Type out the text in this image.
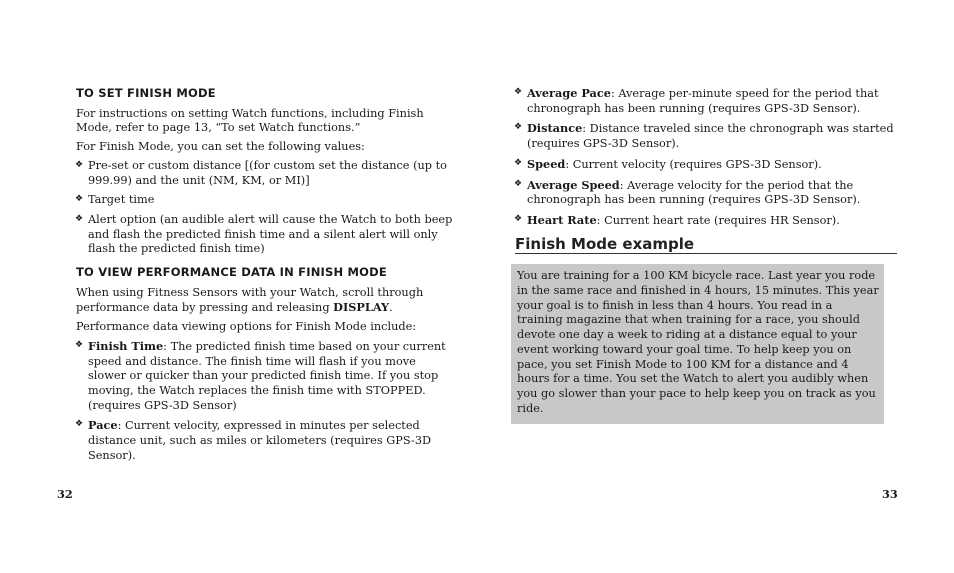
TO SET FINISH MODE

For instructions on setting Watch functions, including Finish Mode, refer to page 13, “To set Watch functions.”

For Finish Mode, you can set the following values:

❖ Pre-set or custom distance [(for custom set the distance (up to 999.99) and the unit (NM, KM, or MI)]
❖ Target time
❖ Alert option (an audible alert will cause the Watch to both beep and flash the predicted finish time and a silent alert will only flash the predicted finish time)
TO VIEW PERFORMANCE DATA IN FINISH MODE

When using Fitness Sensors with your Watch, scroll through performance data by pressing and releasing DISPLAY.

Performance data viewing options for Finish Mode include:

❖ Finish Time: The predicted finish time based on your current speed and distance. The finish time will flash if you move slower or quicker than your predicted finish time. If you stop moving, the Watch replaces the finish time with STOPPED. (requires GPS-3D Sensor)
❖ Pace: Current velocity, expressed in minutes per selected distance unit, such as miles or kilometers (requires GPS-3D Sensor).
❖ Average Pace: Average per-minute speed for the period that chronograph has been running (requires GPS-3D Sensor).
❖ Distance: Distance traveled since the chronograph was started (requires GPS-3D Sensor).
❖ Speed: Current velocity (requires GPS-3D Sensor).
❖ Average Speed: Average velocity for the period that the chronograph has been running (requires GPS-3D Sensor).
❖ Heart Rate: Current heart rate (requires HR Sensor).
Finish Mode example
You are training for a 100 KM bicycle race. Last year you rode in the same race and finished in 4 hours, 15 minutes. This year your goal is to finish in less than 4 hours. You read in a training magazine that when training for a race, you should devote one day a week to riding at a distance equal to your event working toward your goal time. To help keep you on pace, you set Finish Mode to 100 KM for a distance and 4 hours for a time. You set the Watch to alert you audibly when you go slower than your pace to help keep you on track as you ride.
32	33
